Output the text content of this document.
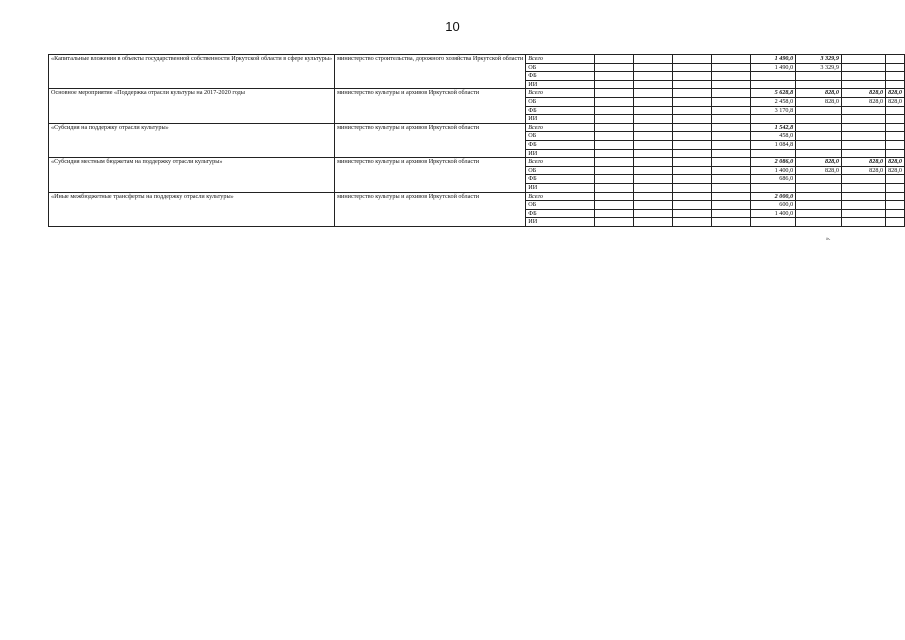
10
«Капитальные вложения в объекты государственной собственности Иркутской области в сфере культуры»	министерство строительства, дорожного хозяйства Иркутской области	Всего					1 490,0	3 329,9		
		ОБ					1 490,0	3 329,9		
		ФБ								
		ИИ								
Основное мероприятие «Поддержка отрасли культуры на 2017-2020 годы	министерство культуры и архивов Иркутской области	Всего					5 628,8	828,0	828,0	828,0
		ОБ					2 458,0	828,0	828,0	828,0
		ФБ					3 170,8			
		ИИ								
«Субсидия на поддержку отрасли культуры»	министерство культуры и архивов Иркутской области	Всего					1 542,8			
		ОБ					458,0			
		ФБ					1 084,8			
		ИИ								
«Субсидия местным бюджетам на поддержку отрасли культуры»	министерство культуры и архивов Иркутской области	Всего					2 086,0	828,0	828,0	828,0
		ОБ					1 400,0	828,0	828,0	828,0
		ФБ					686,0			
		ИИ								
«Иные межбюджетные трансферты на поддержку отрасли культуры»	министерство культуры и архивов Иркутской области	Всего					2 000,0			
		ОБ					600,0			
		ФБ					1 400,0			
		ИИ								
».
